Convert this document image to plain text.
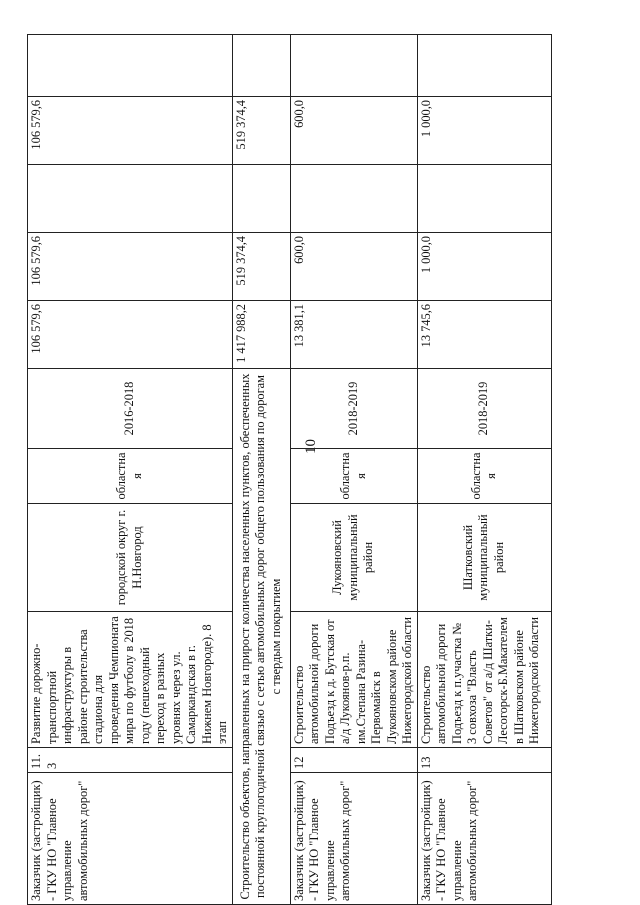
10
Заказчик (застройщик) - ГКУ НО "Главное управление автомобильных дорог"	11.3	Развитие дорожно-транспортной инфраструктуры в районе строительства стадиона для проведения Чемпионата мира по футболу в 2018 году (пешеходный переход в разных уровнях через ул. Самаркандская в г. Нижнем Новгороде). 8 этап	городской округ г. Н.Новгород	областная	2016-2018	106 579,6	106 579,6		106 579,6		
Строительство объектов, направленных на прирост количества населенных пунктов, обеспеченных постоянной круглогодичной связью с сетью автомобильных дорог общего пользования по дорогам с твердым покрытием						1 417 988,2	519 374,4		519 374,4		
Заказчик (застройщик) - ГКУ НО "Главное управление автомобильных дорог"	12	Строительство автомобильной дороги Подъезд к д. Бутская от а/д Лукоянов-р.п. им.Степана Разина-Первомайск в Лукояновском районе Нижегородской области	Лукояновский муниципальный район	областная	2018-2019	13 381,1	600,0		600,0		
Заказчик (застройщик) - ГКУ НО "Главное управление автомобильных дорог"	13	Строительство автомобильной дороги Подъезд к п.участка № 3 совхоза "Власть Советов" от а/д Шатки-Лесогорск-Б.Макателем в Шатковском районе Нижегородской области	Шатковский муниципальный район	областная	2018-2019	13 745,6	1 000,0		1 000,0		
